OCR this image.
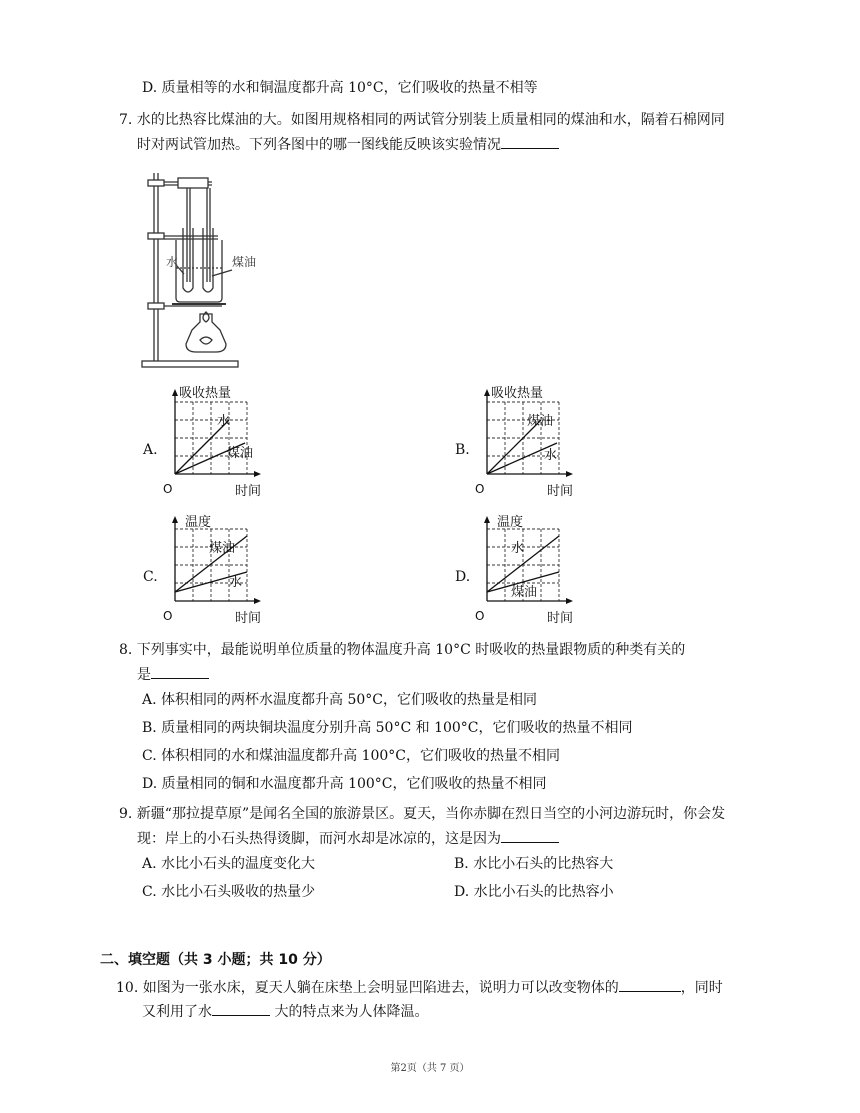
D. 质量相等的水和铜温度都升高 10°C，它们吸收的热量不相等
7. 水的比热容比煤油的大。如图用规格相同的两试管分别装上质量相同的煤油和水，隔着石棉网同
时对两试管加热。下列各图中的哪一图线能反映该实验情况
水	煤油
A.
吸收热量
时间
O
水
煤油	B.
吸收热量
时间
O
煤油
水
C.
温度
时间
O
煤油
水	D.
温度
时间
O
水
煤油
8. 下列事实中，最能说明单位质量的物体温度升高 10°C 时吸收的热量跟物质的种类有关的
是
A. 体积相同的两杯水温度都升高 50°C，它们吸收的热量是相同
B. 质量相同的两块铜块温度分别升高 50°C 和 100°C，它们吸收的热量不相同
C. 体积相同的水和煤油温度都升高 100°C，它们吸收的热量不相同
D. 质量相同的铜和水温度都升高 100°C，它们吸收的热量不相同
9. 新疆“那拉提草原”是闻名全国的旅游景区。夏天，当你赤脚在烈日当空的小河边游玩时，你会发
现：岸上的小石头热得烫脚，而河水却是冰凉的，这是因为
A. 水比小石头的温度变化大	B. 水比小石头的比热容大
C. 水比小石头吸收的热量少	D. 水比小石头的比热容小
二、填空题（共 3 小题；共 10 分）
10. 如图为一张水床，夏天人躺在床垫上会明显凹陷进去，说明力可以改变物体的	，同时
又利用了水	大的特点来为人体降温。
第2页（共 7 页）
